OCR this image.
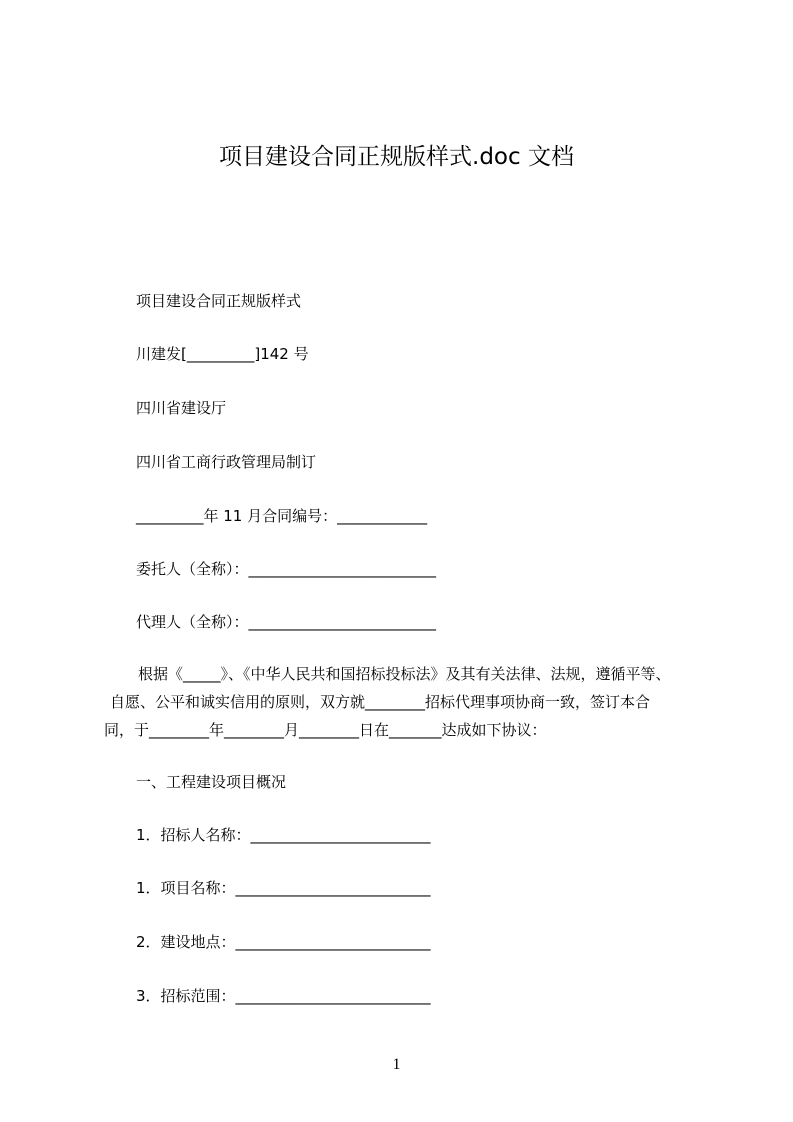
项目建设合同正规版样式.doc 文档
项目建设合同正规版样式
川建发[_________]142 号
四川省建设厅
四川省工商行政管理局制订
_________年 11 月合同编号：____________
委托人（全称）：_________________________
代理人（全称）：_________________________
根据《_____》、《中华人民共和国招标投标法》及其有关法律、法规，遵循平等、
自愿、公平和诚实信用的原则，双方就________招标代理事项协商一致，签订本合
同，于________年________月________日在_______达成如下协议：
一、工程建设项目概况
1．招标人名称：________________________
1．项目名称：__________________________
2．建设地点：__________________________
3．招标范围：__________________________
1
